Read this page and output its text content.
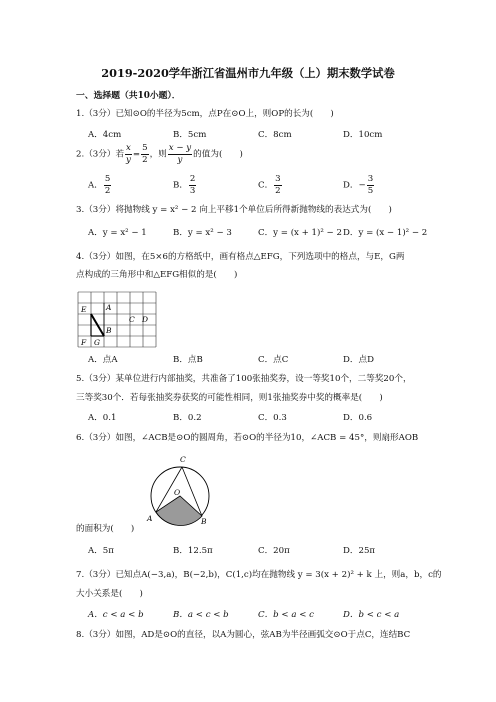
2019-2020学年浙江省温州市九年级（上）期末数学试卷
一、选择题（共10小题）．
1.（3分）已知⊙O的半径为5cm，点P在⊙O上，则OP的长为(　　)
A．4cm	B．5cm	C．8cm	D．10cm
2.（3分）若 $\frac{x}{y} = \frac{5}{2}$ ，则 $\frac{x - y}{y}$ 的值为(　　)
A． $\frac{5}{2}$	B． $\frac{2}{3}$	C． $\frac{3}{2}$	D．− $\frac{3}{5}$
3.（3分）将抛物线 y = x² − 2 向上平移1个单位后所得新抛物线的表达式为(　　)
A．y = x² − 1	B．y = x² − 3	C．y = (x + 1)² − 2 D．y = (x − 1)² − 2
4.（3分）如图，在5×6的方格纸中，画有格点△EFG，下列选项中的格点，与E，G两
点构成的三角形中和△EFG相似的是(　　)
E	A
C D
B
F G
A．点A	B．点B	C．点C	D．点D
5.（3分）某单位进行内部抽奖，共准备了100张抽奖券，设一等奖10个，二等奖20个，
三等奖30个．若每张抽奖券获奖的可能性相同，则1张抽奖券中奖的概率是(　　)
A．0.1	B．0.2	C．0.3	D．0.6
6.（3分）如图，∠ACB是⊙O的圆周角，若⊙O的半径为10，∠ACB = 45°，则扇形AOB
C
O
A	B
的面积为(　　)
A．5π	B．12.5π	C．20π	D．25π
7.（3分）已知点A(−3,a)，B(−2,b)，C(1,c)均在抛物线 y = 3(x + 2)² + k 上，则a，b，c的
大小关系是(　　)
A．c < a < b	B．a < c < b	C．b < a < c	D．b < c < a
8.（3分）如图，AD是⊙O的直径，以A为圆心，弦AB为半径画弧交⊙O于点C，连结BC
